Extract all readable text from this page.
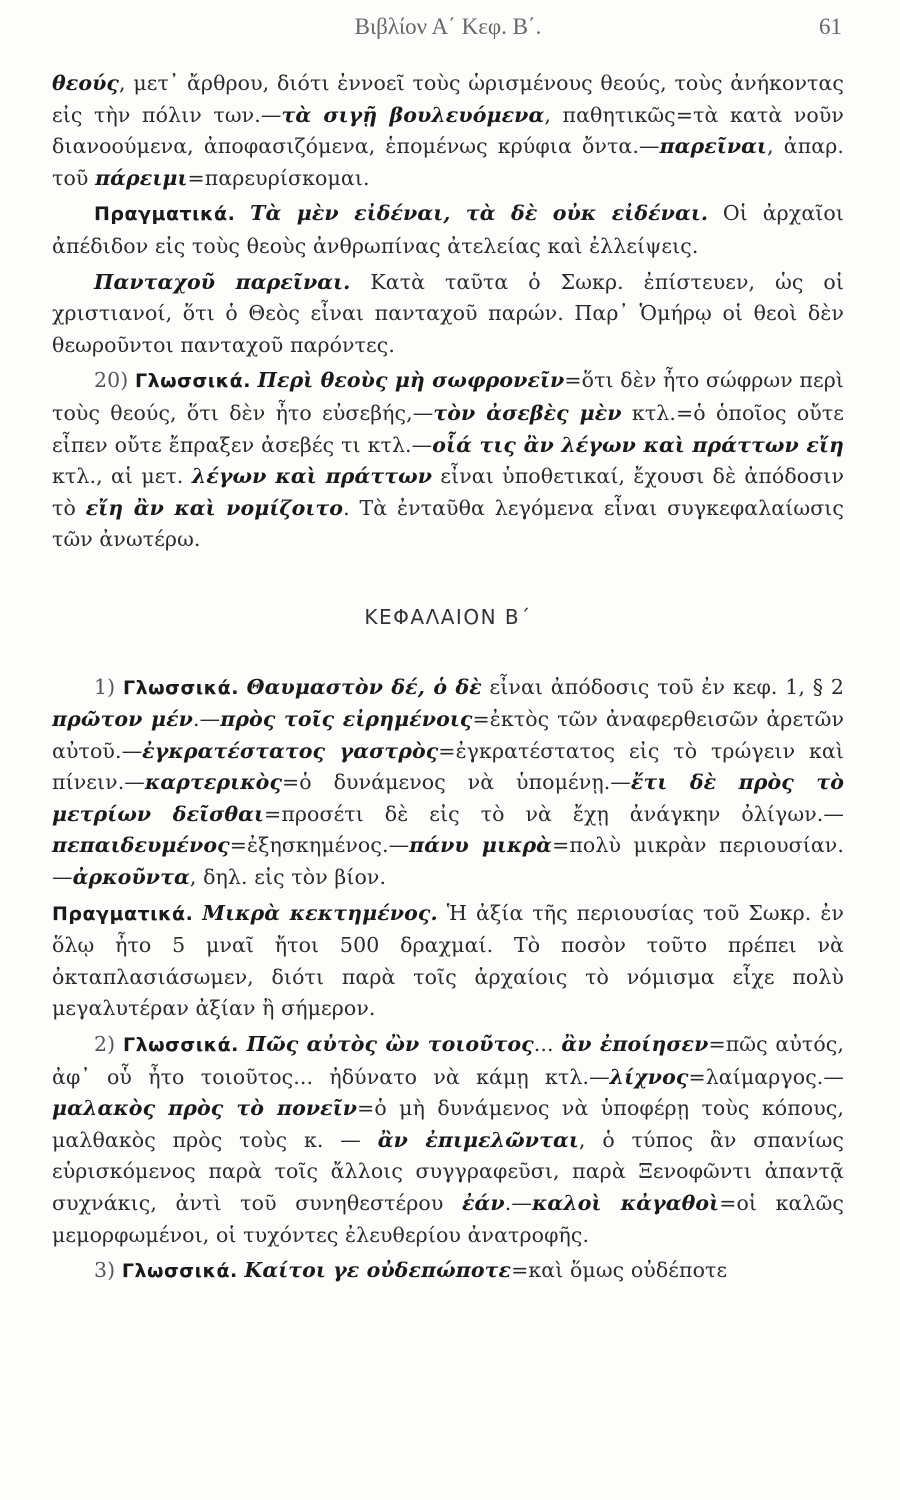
Βιβλίον Α΄ Κεφ. Β΄.	61

θεούς, μετ᾽ ἄρθρου, διότι ἐννοεῖ τοὺς ὡρισμένους θεούς, τοὺς ἀνήκοντας εἰς τὴν πόλιν των.—τὰ σιγῇ βουλευόμενα, παθητικῶς=τὰ κατὰ νοῦν διανοούμενα, ἀποφασιζόμενα, ἑπομένως κρύφια ὄντα.—παρεῖναι, ἀπαρ. τοῦ πάρειμι=παρευρίσκομαι.

Πραγματικά. Τὰ μὲν εἰδέναι, τὰ δὲ οὐκ εἰδέναι. Οἱ ἀρχαῖοι ἀπέδιδον εἰς τοὺς θεοὺς ἀνθρωπίνας ἀτελείας καὶ ἐλλείψεις.

Πανταχοῦ παρεῖναι. Κατὰ ταῦτα ὁ Σωκρ. ἐπίστευεν, ὡς οἱ χριστιανοί, ὅτι ὁ Θεὸς εἶναι πανταχοῦ παρών. Παρ᾽ Ὁμήρῳ οἱ θεοὶ δὲν θεωροῦντοι πανταχοῦ παρόντες.

20) Γλωσσικά. Περὶ θεοὺς μὴ σωφρονεῖν=ὅτι δὲν ἦτο σώφρων περὶ τοὺς θεούς, ὅτι δὲν ἦτο εὐσεβής,—τὸν ἀσεβὲς μὲν κτλ.=ὁ ὁποῖος οὔτε εἶπεν οὔτε ἔπραξεν ἀσεβές τι κτλ.—οἷά τις ἂν λέγων καὶ πράττων εἴη κτλ., αἱ μετ. λέγων καὶ πράττων εἶναι ὑποθετικαί, ἔχουσι δὲ ἀπόδοσιν τὸ εἴη ἂν καὶ νομίζοιτο. Τὰ ἐνταῦθα λεγόμενα εἶναι συγκεφαλαίωσις τῶν ἀνωτέρω.

ΚΕΦΑΛΑΙΟΝ Β΄

1) Γλωσσικά. Θαυμαστὸν δέ, ὁ δὲ εἶναι ἀπόδοσις τοῦ ἐν κεφ. 1, § 2 πρῶτον μέν.—πρὸς τοῖς εἰρημένοις=ἐκτὸς τῶν ἀναφερθεισῶν ἀρετῶν αὐτοῦ.—ἐγκρατέστατος γαστρὸς=ἐγκρατέστατος εἰς τὸ τρώγειν καὶ πίνειν.—καρτερικὸς=ὁ δυνάμενος νὰ ὑπομένῃ.—ἔτι δὲ πρὸς τὸ μετρίων δεῖσθαι=προσέτι δὲ εἰς τὸ νὰ ἔχῃ ἀνάγκην ὀλίγων.—πεπαιδευμένος=ἐξησκημένος.—πάνυ μικρὰ=πολὺ μικρὰν περιουσίαν.—ἀρκοῦντα, δηλ. εἰς τὸν βίον.

Πραγματικά. Μικρὰ κεκτημένος. Ἡ ἀξία τῆς περιουσίας τοῦ Σωκρ. ἐν ὅλῳ ἦτο 5 μναῖ ἤτοι 500 δραχμαί. Τὸ ποσὸν τοῦτο πρέπει νὰ ὀκταπλασιάσωμεν, διότι παρὰ τοῖς ἀρχαίοις τὸ νόμισμα εἶχε πολὺ μεγαλυτέραν ἀξίαν ἢ σήμερον.

2) Γλωσσικά. Πῶς αὐτὸς ὢν τοιοῦτος... ἂν ἐποίησεν=πῶς αὐτός, ἀφ᾽ οὗ ἦτο τοιοῦτος... ἠδύνατο νὰ κάμῃ κτλ.—λίχνος=λαίμαργος.—μαλακὸς πρὸς τὸ πονεῖν=ὁ μὴ δυνάμενος νὰ ὑποφέρῃ τοὺς κόπους, μαλθακὸς πρὸς τοὺς κ. — ἂν ἐπιμελῶνται, ὁ τύπος ἂν σπανίως εὑρισκόμενος παρὰ τοῖς ἄλλοις συγγραφεῦσι, παρὰ Ξενοφῶντι ἀπαντᾷ συχνάκις, ἀντὶ τοῦ συνηθεστέρου ἐάν.—καλοὶ κἀγαθοὶ=οἱ καλῶς μεμορφωμένοι, οἱ τυχόντες ἐλευθερίου ἀνατροφῆς.

3) Γλωσσικά. Καίτοι γε οὐδεπώποτε=καὶ ὅμως οὐδέποτε
